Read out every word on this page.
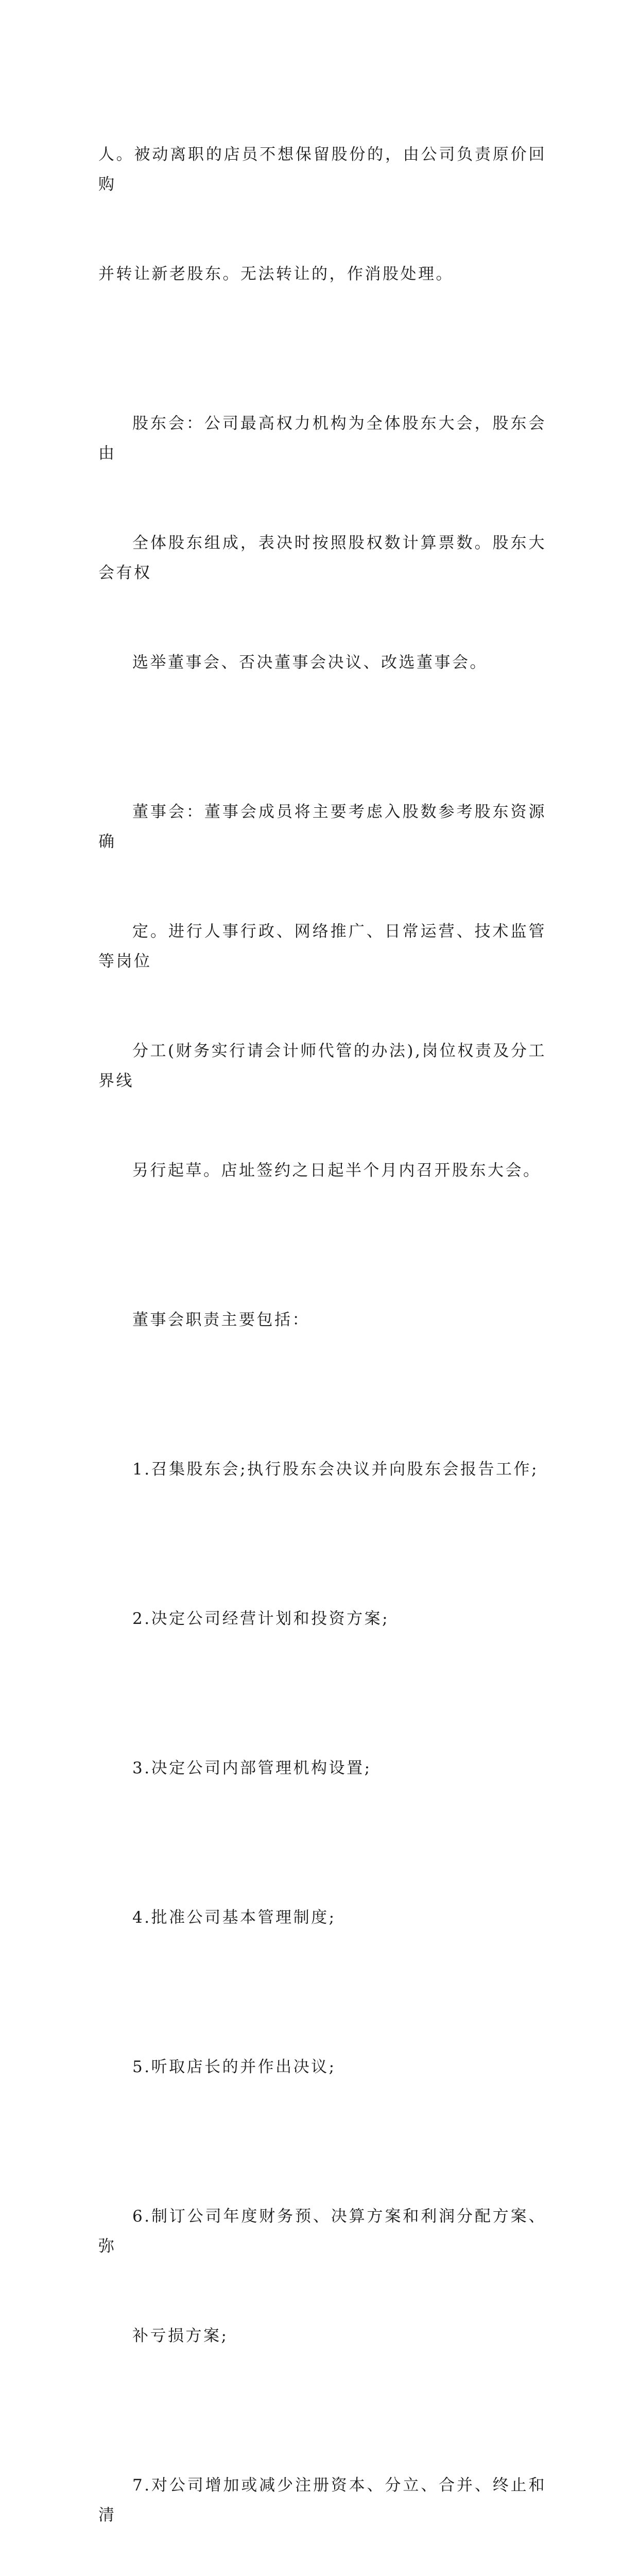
人。被动离职的店员不想保留股份的，由公司负责原价回购

并转让新老股东。无法转让的，作消股处理。

股东会：公司最高权力机构为全体股东大会，股东会由

全体股东组成，表决时按照股权数计算票数。股东大会有权

选举董事会、否决董事会决议、改选董事会。

董事会：董事会成员将主要考虑入股数参考股东资源确

定。进行人事行政、网络推广、日常运营、技术监管等岗位

分工(财务实行请会计师代管的办法),岗位权责及分工界线

另行起草。店址签约之日起半个月内召开股东大会。

董事会职责主要包括：

1.召集股东会;执行股东会决议并向股东会报告工作;

2.决定公司经营计划和投资方案;

3.决定公司内部管理机构设置;

4.批准公司基本管理制度;

5.听取店长的并作出决议;

6.制订公司年度财务预、决算方案和利润分配方案、弥

补亏损方案;

7.对公司增加或减少注册资本、分立、合并、终止和清
